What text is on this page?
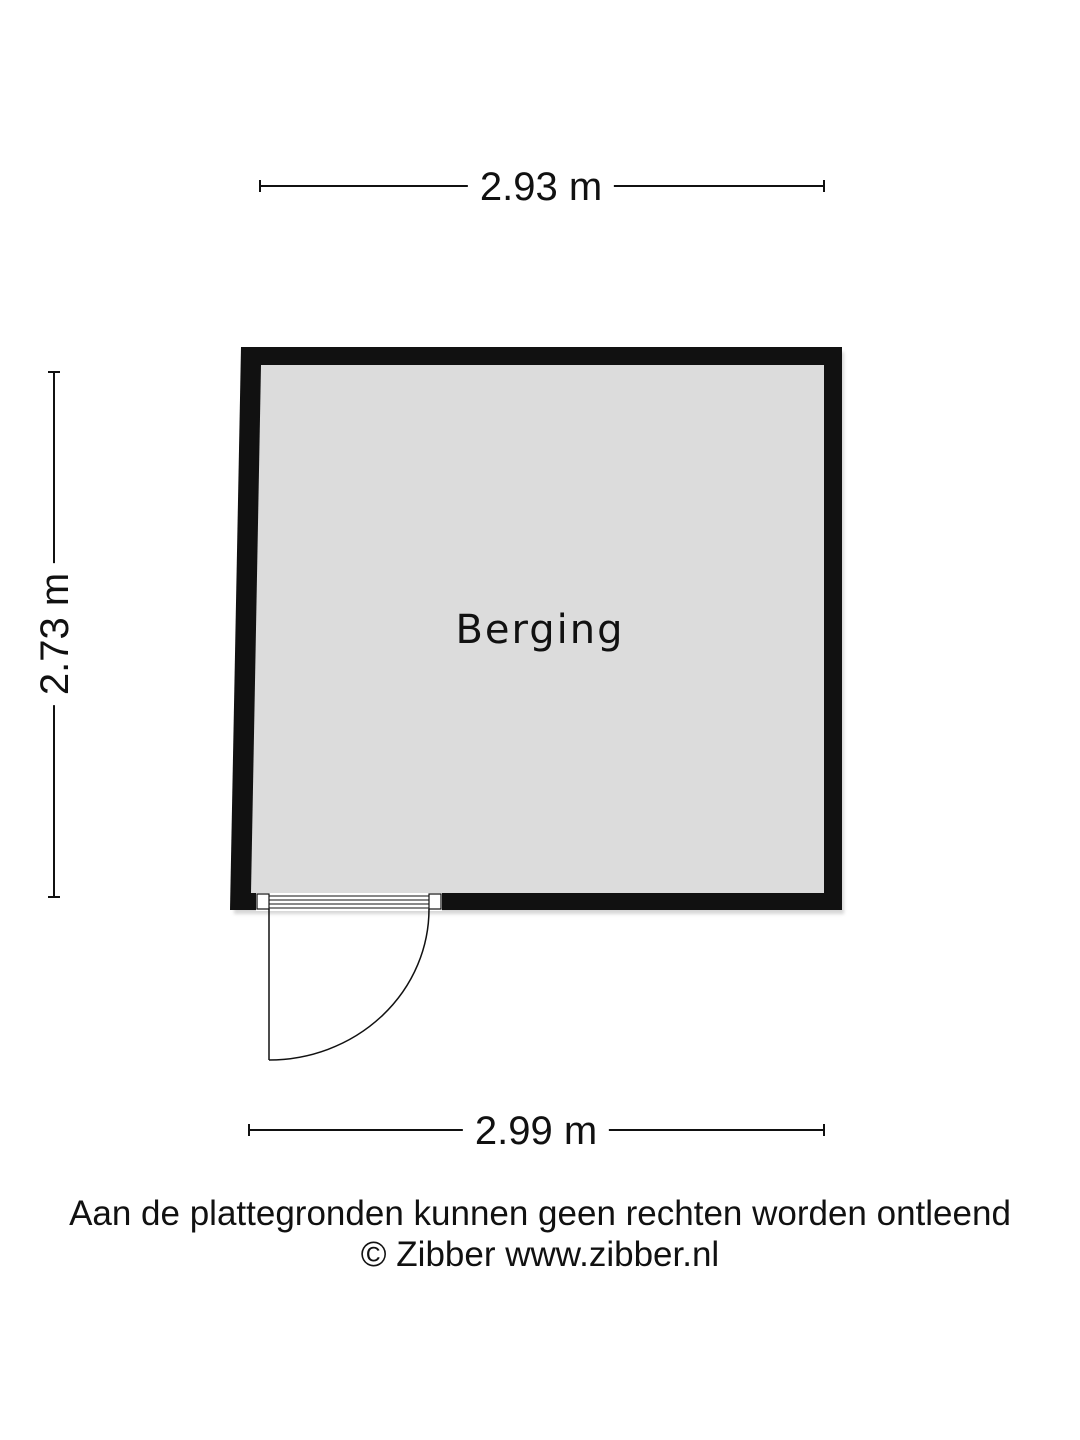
2.93 m
2.99 m
2.73 m	Berging
Aan de plattegronden kunnen geen rechten worden ontleend
© Zibber www.zibber.nl
